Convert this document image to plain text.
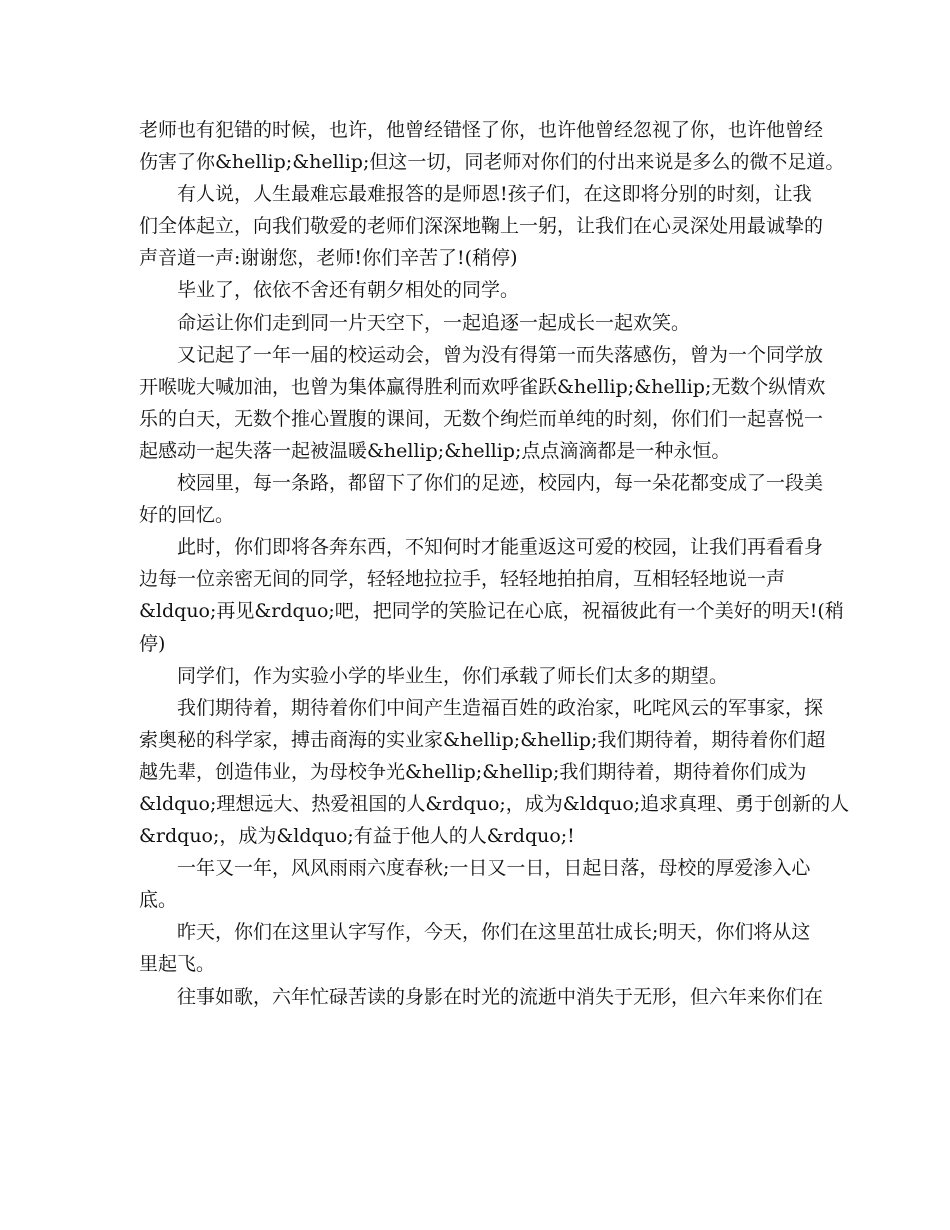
老师也有犯错的时候，也许，他曾经错怪了你，也许他曾经忽视了你，也许他曾经
伤害了你&hellip;&hellip;但这一切，同老师对你们的付出来说是多么的微不足道。
有人说，人生最难忘最难报答的是师恩!孩子们，在这即将分别的时刻，让我
们全体起立，向我们敬爱的老师们深深地鞠上一躬，让我们在心灵深处用最诚挚的
声音道一声:谢谢您，老师!你们辛苦了!(稍停)
毕业了，依依不舍还有朝夕相处的同学。
命运让你们走到同一片天空下，一起追逐一起成长一起欢笑。
又记起了一年一届的校运动会，曾为没有得第一而失落感伤，曾为一个同学放
开喉咙大喊加油，也曾为集体赢得胜利而欢呼雀跃&hellip;&hellip;无数个纵情欢
乐的白天，无数个推心置腹的课间，无数个绚烂而单纯的时刻，你们们一起喜悦一
起感动一起失落一起被温暖&hellip;&hellip;点点滴滴都是一种永恒。
校园里，每一条路，都留下了你们的足迹，校园内，每一朵花都变成了一段美
好的回忆。
此时，你们即将各奔东西，不知何时才能重返这可爱的校园，让我们再看看身
边每一位亲密无间的同学，轻轻地拉拉手，轻轻地拍拍肩，互相轻轻地说一声
&ldquo;再见&rdquo;吧，把同学的笑脸记在心底，祝福彼此有一个美好的明天!(稍
停)
同学们，作为实验小学的毕业生，你们承载了师长们太多的期望。
我们期待着，期待着你们中间产生造福百姓的政治家，叱咤风云的军事家，探
索奥秘的科学家，搏击商海的实业家&hellip;&hellip;我们期待着，期待着你们超
越先辈，创造伟业，为母校争光&hellip;&hellip;我们期待着，期待着你们成为
&ldquo;理想远大、热爱祖国的人&rdquo;，成为&ldquo;追求真理、勇于创新的人
&rdquo;，成为&ldquo;有益于他人的人&rdquo;!
一年又一年，风风雨雨六度春秋;一日又一日，日起日落，母校的厚爱渗入心
底。
昨天，你们在这里认字写作，今天，你们在这里茁壮成长;明天，你们将从这
里起飞。
往事如歌，六年忙碌苦读的身影在时光的流逝中消失于无形，但六年来你们在
